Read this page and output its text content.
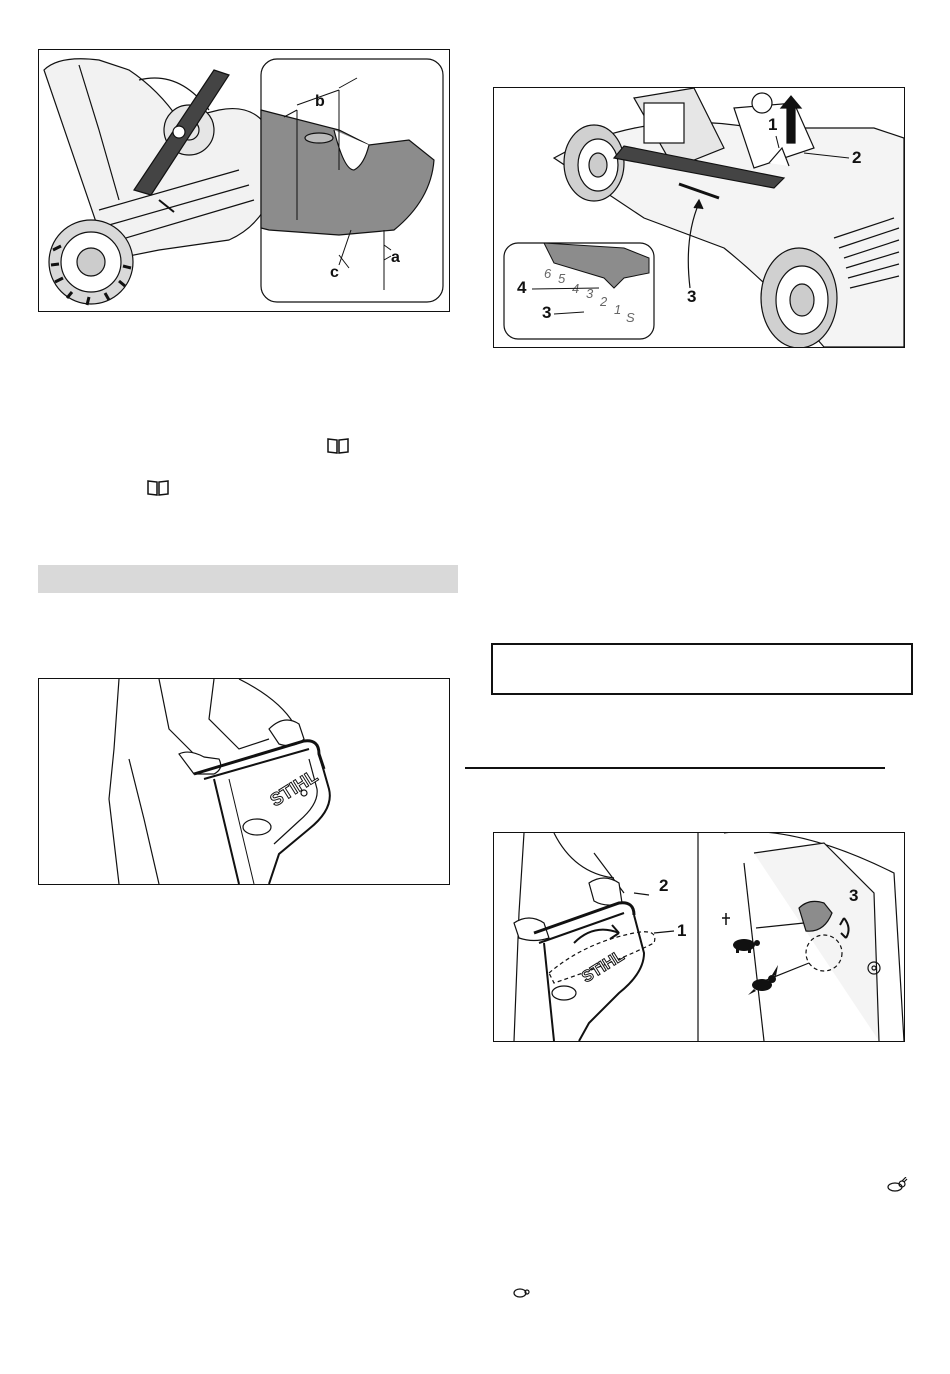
b
a
c
STIHL
6 5
4 3
2
1
S
1
2
3
3
4
STIHL
2
1
3
